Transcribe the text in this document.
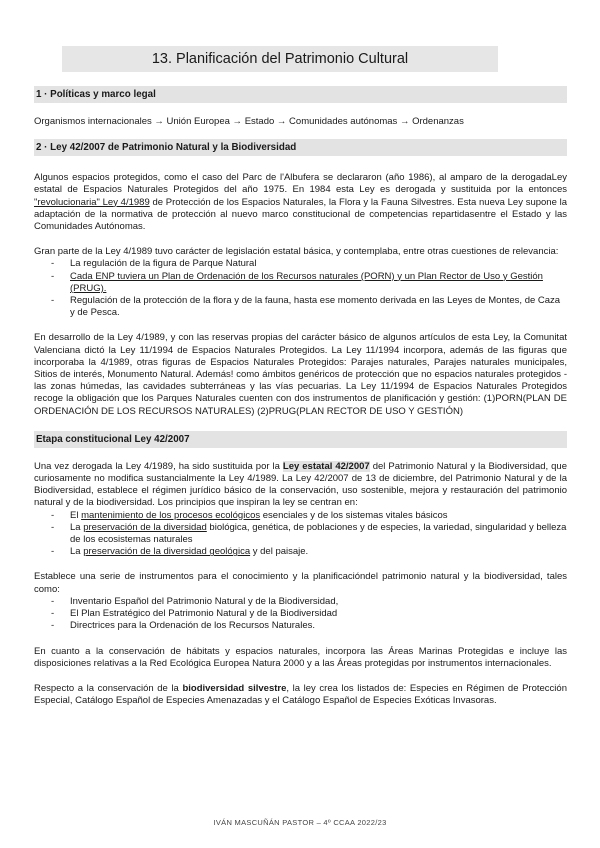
13. Planificación del Patrimonio Cultural
1 · Políticas y marco legal

Organismos internacionales → Unión Europea → Estado → Comunidades autónomas → Ordenanzas

2 · Ley 42/2007 de Patrimonio Natural y la Biodiversidad

Algunos espacios protegidos, como el caso del Parc de l'Albufera se declararon (año 1986), al amparo de la derogadaLey estatal de Espacios Naturales Protegidos del año 1975. En 1984 esta Ley es derogada y sustituida por la entonces "revolucionaria" Ley 4/1989 de Protección de los Espacios Naturales, la Flora y la Fauna Silvestres. Esta nueva Ley supone la adaptación de la normativa de protección al nuevo marco constitucional de competencias repartidasentre el Estado y las Comunidades Autónomas.

Gran parte de la Ley 4/1989 tuvo carácter de legislación estatal básica, y contemplaba, entre otras cuestiones de relevancia:

- La regulación de la figura de Parque Natural
- Cada ENP tuviera un Plan de Ordenación de los Recursos naturales (PORN) y un Plan Rector de Uso y Gestión (PRUG).
- Regulación de la protección de la flora y de la fauna, hasta ese momento derivada en las Leyes de Montes, de Caza y de Pesca.

En desarrollo de la Ley 4/1989, y con las reservas propias del carácter básico de algunos artículos de esta Ley, la Comunitat Valenciana dictó la Ley 11/1994 de Espacios Naturales Protegidos. La Ley 11/1994 incorpora, además de las figuras que incorporaba la 4/1989, otras figuras de Espacios Naturales Protegidos: Parajes naturales, Parajes naturales municipales, Sitios de interés, Monumento Natural. Además! como ámbitos genéricos de protección que no espacios naturales protegidos -las zonas húmedas, las cavidades subterráneas y las vías pecuarias. La Ley 11/1994 de Espacios Naturales Protegidos recoge la obligación que los Parques Naturales cuenten con dos instrumentos de planificación y gestión: (1)PORN(PLAN DE ORDENACIÓN DE LOS RECURSOS NATURALES) (2)PRUG(PLAN RECTOR DE USO Y GESTIÓN)

Etapa constitucional Ley 42/2007

Una vez derogada la Ley 4/1989, ha sido sustituida por la Ley estatal 42/2007 del Patrimonio Natural y la Biodiversidad, que curiosamente no modifica sustancialmente la Ley 4/1989. La Ley 42/2007 de 13 de diciembre, del Patrimonio Natural y de la Biodiversidad, establece el régimen jurídico básico de la conservación, uso sostenible, mejora y restauración del patrimonio natural y de la biodiversidad. Los principios que inspiran la ley se centran en:

- El mantenimiento de los procesos ecológicos esenciales y de los sistemas vitales básicos
- La preservación de la diversidad biológica, genética, de poblaciones y de especies, la variedad, singularidad y belleza de los ecosistemas naturales
- La preservación de la diversidad geológica y del paisaje.

Establece una serie de instrumentos para el conocimiento y la planificacióndel patrimonio natural y la biodiversidad, tales como:

- Inventario Español del Patrimonio Natural y de la Biodiversidad,
- El Plan Estratégico del Patrimonio Natural y de la Biodiversidad
- Directrices para la Ordenación de los Recursos Naturales.

En cuanto a la conservación de hábitats y espacios naturales, incorpora las Áreas Marinas Protegidas e incluye las disposiciones relativas a la Red Ecológica Europea Natura 2000 y a las Áreas protegidas por instrumentos internacionales.

Respecto a la conservación de la biodiversidad silvestre, la ley crea los listados de: Especies en Régimen de Protección Especial, Catálogo Español de Especies Amenazadas y el Catálogo Español de Especies Exóticas Invasoras.

IVÁN MASCUÑÁN PASTOR – 4º CCAA 2022/23
